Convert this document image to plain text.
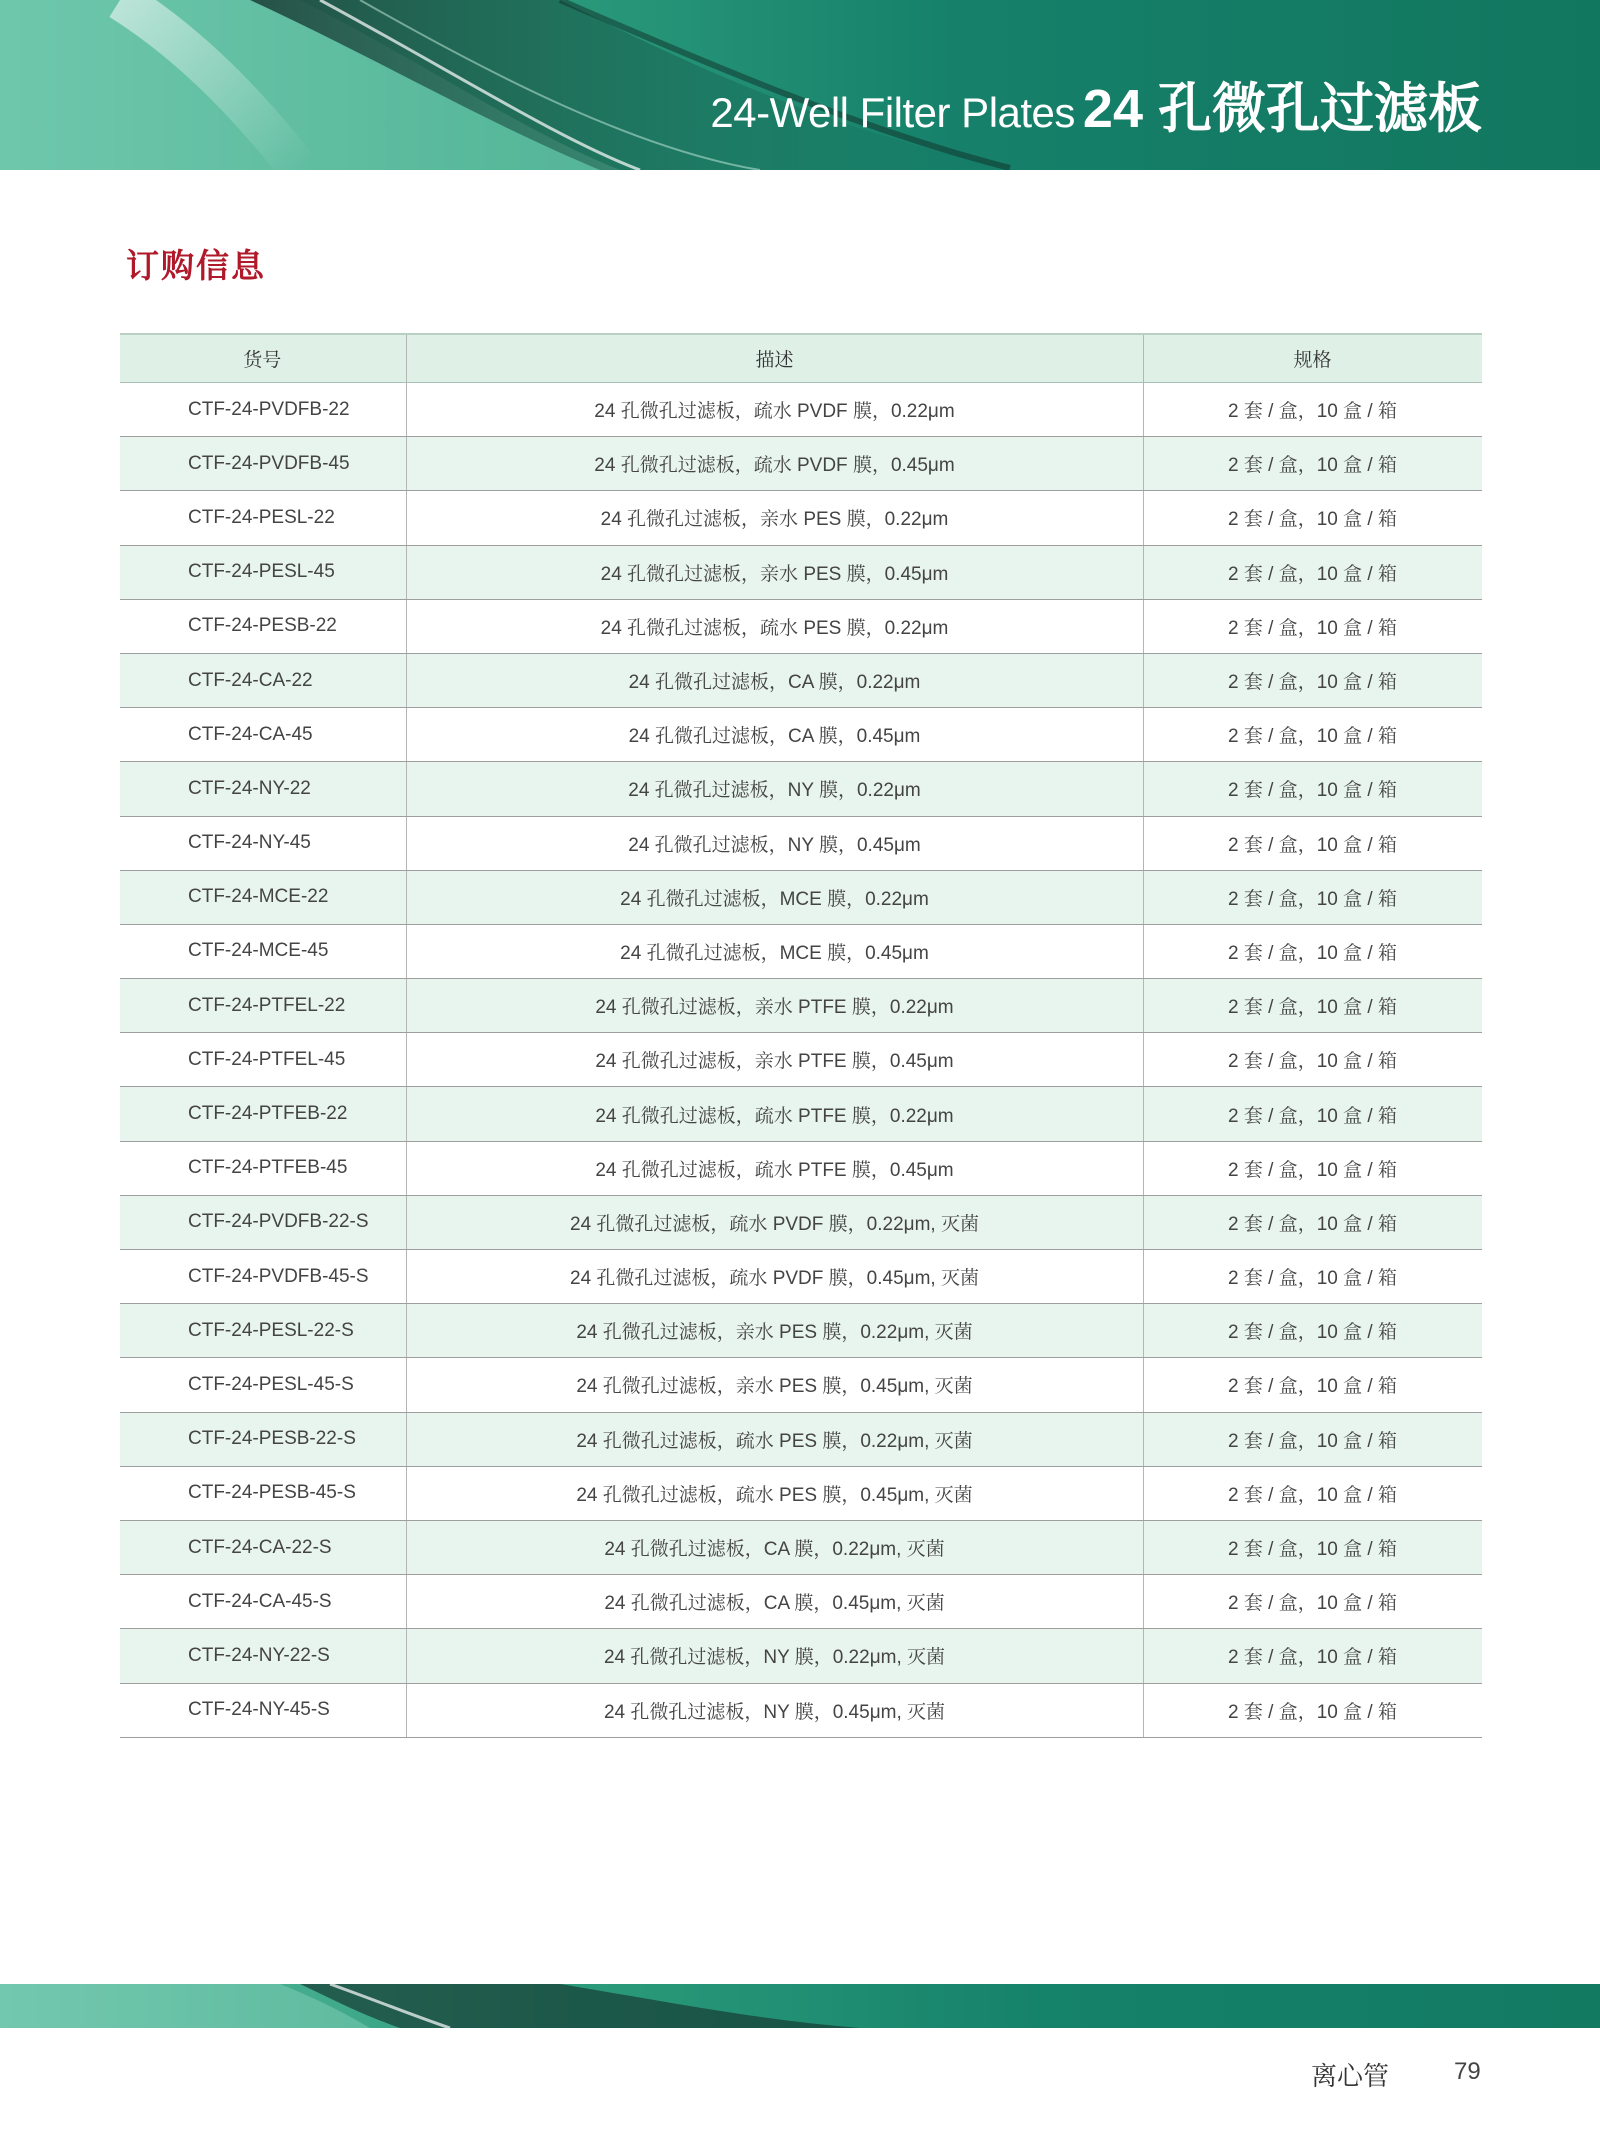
24-Well Filter Plates 24 孔微孔过滤板
订购信息
货号	描述	规格
CTF-24-PVDFB-22	24 孔微孔过滤板，疏水 PVDF 膜，0.22μm	2 套 / 盒，10 盒 / 箱
CTF-24-PVDFB-45	24 孔微孔过滤板，疏水 PVDF 膜，0.45μm	2 套 / 盒，10 盒 / 箱
CTF-24-PESL-22	24 孔微孔过滤板，亲水 PES 膜，0.22μm	2 套 / 盒，10 盒 / 箱
CTF-24-PESL-45	24 孔微孔过滤板，亲水 PES 膜，0.45μm	2 套 / 盒，10 盒 / 箱
CTF-24-PESB-22	24 孔微孔过滤板，疏水 PES 膜，0.22μm	2 套 / 盒，10 盒 / 箱
CTF-24-CA-22	24 孔微孔过滤板，CA 膜，0.22μm	2 套 / 盒，10 盒 / 箱
CTF-24-CA-45	24 孔微孔过滤板，CA 膜，0.45μm	2 套 / 盒，10 盒 / 箱
CTF-24-NY-22	24 孔微孔过滤板，NY 膜，0.22μm	2 套 / 盒，10 盒 / 箱
CTF-24-NY-45	24 孔微孔过滤板，NY 膜，0.45μm	2 套 / 盒，10 盒 / 箱
CTF-24-MCE-22	24 孔微孔过滤板，MCE 膜，0.22μm	2 套 / 盒，10 盒 / 箱
CTF-24-MCE-45	24 孔微孔过滤板，MCE 膜，0.45μm	2 套 / 盒，10 盒 / 箱
CTF-24-PTFEL-22	24 孔微孔过滤板，亲水 PTFE 膜，0.22μm	2 套 / 盒，10 盒 / 箱
CTF-24-PTFEL-45	24 孔微孔过滤板，亲水 PTFE 膜，0.45μm	2 套 / 盒，10 盒 / 箱
CTF-24-PTFEB-22	24 孔微孔过滤板，疏水 PTFE 膜，0.22μm	2 套 / 盒，10 盒 / 箱
CTF-24-PTFEB-45	24 孔微孔过滤板，疏水 PTFE 膜，0.45μm	2 套 / 盒，10 盒 / 箱
CTF-24-PVDFB-22-S	24 孔微孔过滤板，疏水 PVDF 膜，0.22μm, 灭菌	2 套 / 盒，10 盒 / 箱
CTF-24-PVDFB-45-S	24 孔微孔过滤板，疏水 PVDF 膜，0.45μm, 灭菌	2 套 / 盒，10 盒 / 箱
CTF-24-PESL-22-S	24 孔微孔过滤板，亲水 PES 膜，0.22μm, 灭菌	2 套 / 盒，10 盒 / 箱
CTF-24-PESL-45-S	24 孔微孔过滤板，亲水 PES 膜，0.45μm, 灭菌	2 套 / 盒，10 盒 / 箱
CTF-24-PESB-22-S	24 孔微孔过滤板，疏水 PES 膜，0.22μm, 灭菌	2 套 / 盒，10 盒 / 箱
CTF-24-PESB-45-S	24 孔微孔过滤板，疏水 PES 膜，0.45μm, 灭菌	2 套 / 盒，10 盒 / 箱
CTF-24-CA-22-S	24 孔微孔过滤板，CA 膜，0.22μm, 灭菌	2 套 / 盒，10 盒 / 箱
CTF-24-CA-45-S	24 孔微孔过滤板，CA 膜，0.45μm, 灭菌	2 套 / 盒，10 盒 / 箱
CTF-24-NY-22-S	24 孔微孔过滤板，NY 膜，0.22μm, 灭菌	2 套 / 盒，10 盒 / 箱
CTF-24-NY-45-S	24 孔微孔过滤板，NY 膜，0.45μm, 灭菌	2 套 / 盒，10 盒 / 箱
离心管	79
